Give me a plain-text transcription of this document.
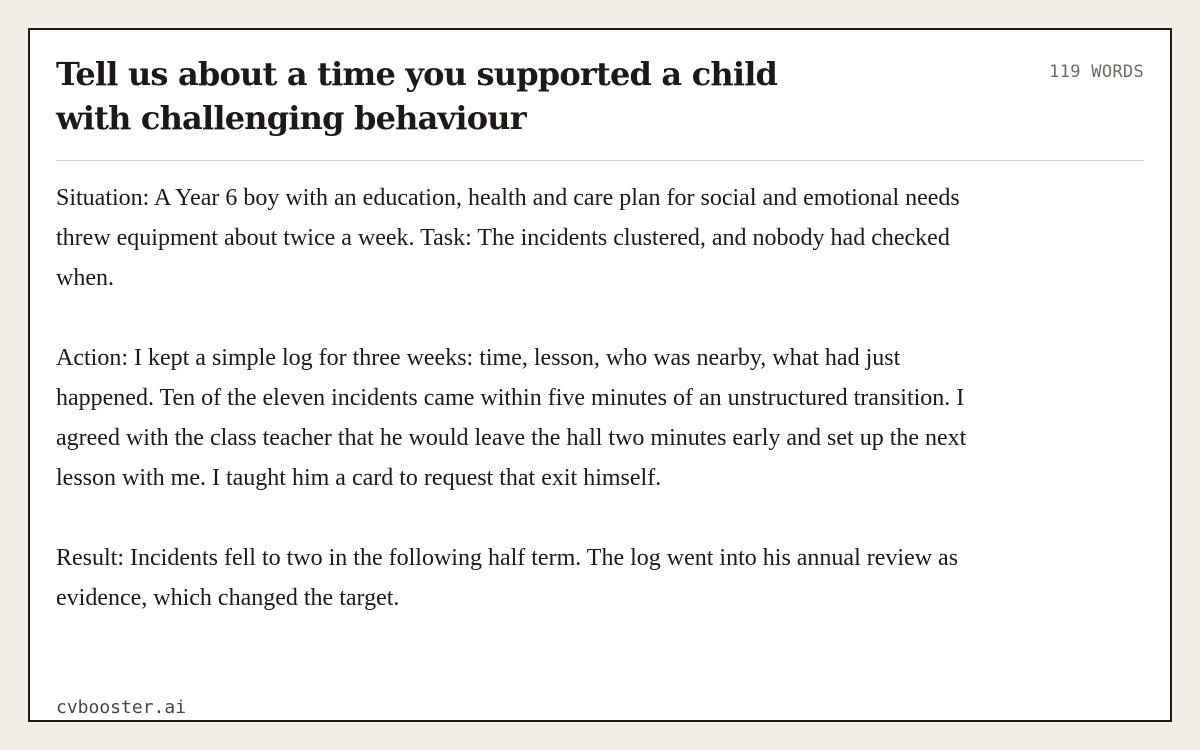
Tell us about a time you supported a child
with challenging behaviour
119 WORDS

Situation: A Year 6 boy with an education, health and care plan for social and emotional needs threw equipment about twice a week. Task: The incidents clustered, and nobody had checked when.

Action: I kept a simple log for three weeks: time, lesson, who was nearby, what had just happened. Ten of the eleven incidents came within five minutes of an unstructured transition. I agreed with the class teacher that he would leave the hall two minutes early and set up the next lesson with me. I taught him a card to request that exit himself.

Result: Incidents fell to two in the following half term. The log went into his annual review as evidence, which changed the target.

cvbooster.ai
